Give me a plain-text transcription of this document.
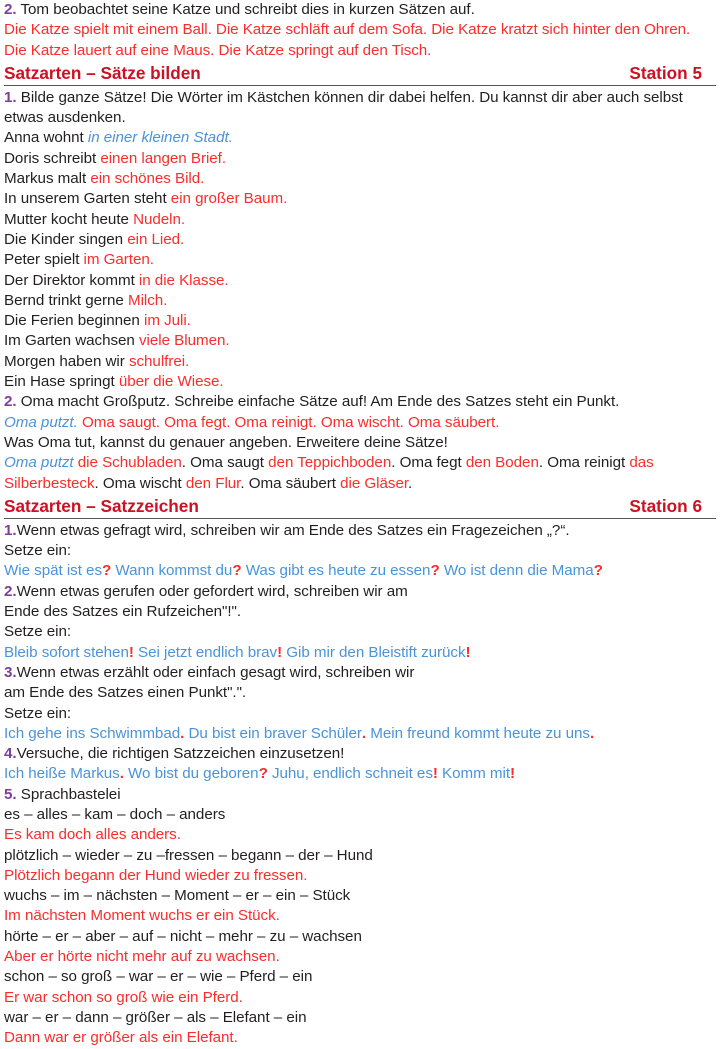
2. Tom beobachtet seine Katze und schreibt dies in kurzen Sätzen auf.
Die Katze spielt mit einem Ball. Die Katze schläft auf dem Sofa. Die Katze kratzt sich hinter den Ohren. Die Katze lauert auf eine Maus. Die Katze springt auf den Tisch.
Satzarten – Sätze bilden	Station 5
1. Bilde ganze Sätze! Die Wörter im Kästchen können dir dabei helfen. Du kannst dir aber auch selbst etwas ausdenken.
Anna wohnt in einer kleinen Stadt.
Doris schreibt einen langen Brief.
Markus malt ein schönes Bild.
In unserem Garten steht ein großer Baum.
Mutter kocht heute Nudeln.
Die Kinder singen ein Lied.
Peter spielt im Garten.
Der Direktor kommt in die Klasse.
Bernd trinkt gerne Milch.
Die Ferien beginnen im Juli.
Im Garten wachsen viele Blumen.
Morgen haben wir schulfrei.
Ein Hase springt über die Wiese.
2. Oma macht Großputz. Schreibe einfache Sätze auf! Am Ende des Satzes steht ein Punkt.
Oma putzt. Oma saugt. Oma fegt. Oma reinigt. Oma wischt. Oma säubert.
Was Oma tut, kannst du genauer angeben. Erweitere deine Sätze!
Oma putzt die Schubladen. Oma saugt den Teppichboden. Oma fegt den Boden. Oma reinigt das Silberbesteck. Oma wischt den Flur. Oma säubert die Gläser.
Satzarten – Satzzeichen	Station 6
1.Wenn etwas gefragt wird, schreiben wir am Ende des Satzes ein Fragezeichen „?“.
Setze ein:
Wie spät ist es? Wann kommst du? Was gibt es heute zu essen? Wo ist denn die Mama?
2.Wenn etwas gerufen oder gefordert wird, schreiben wir am
Ende des Satzes ein Rufzeichen"!".
Setze ein:
Bleib sofort stehen! Sei jetzt endlich brav! Gib mir den Bleistift zurück!
3.Wenn etwas erzählt oder einfach gesagt wird, schreiben wir
am Ende des Satzes einen Punkt".".
Setze ein:
Ich gehe ins Schwimmbad. Du bist ein braver Schüler. Mein freund kommt heute zu uns.
4.Versuche, die richtigen Satzzeichen einzusetzen!
Ich heiße Markus. Wo bist du geboren? Juhu, endlich schneit es! Komm mit!
5. Sprachbastelei
es – alles – kam – doch – anders
Es kam doch alles anders.
plötzlich – wieder – zu –fressen – begann – der – Hund
Plötzlich begann der Hund wieder zu fressen.
wuchs – im – nächsten – Moment – er – ein – Stück
Im nächsten Moment wuchs er ein Stück.
hörte – er – aber – auf – nicht – mehr – zu – wachsen
Aber er hörte nicht mehr auf zu wachsen.
schon – so groß – war – er – wie – Pferd – ein
Er war schon so groß wie ein Pferd.
war – er – dann – größer – als – Elefant – ein
Dann war er größer als ein Elefant.
